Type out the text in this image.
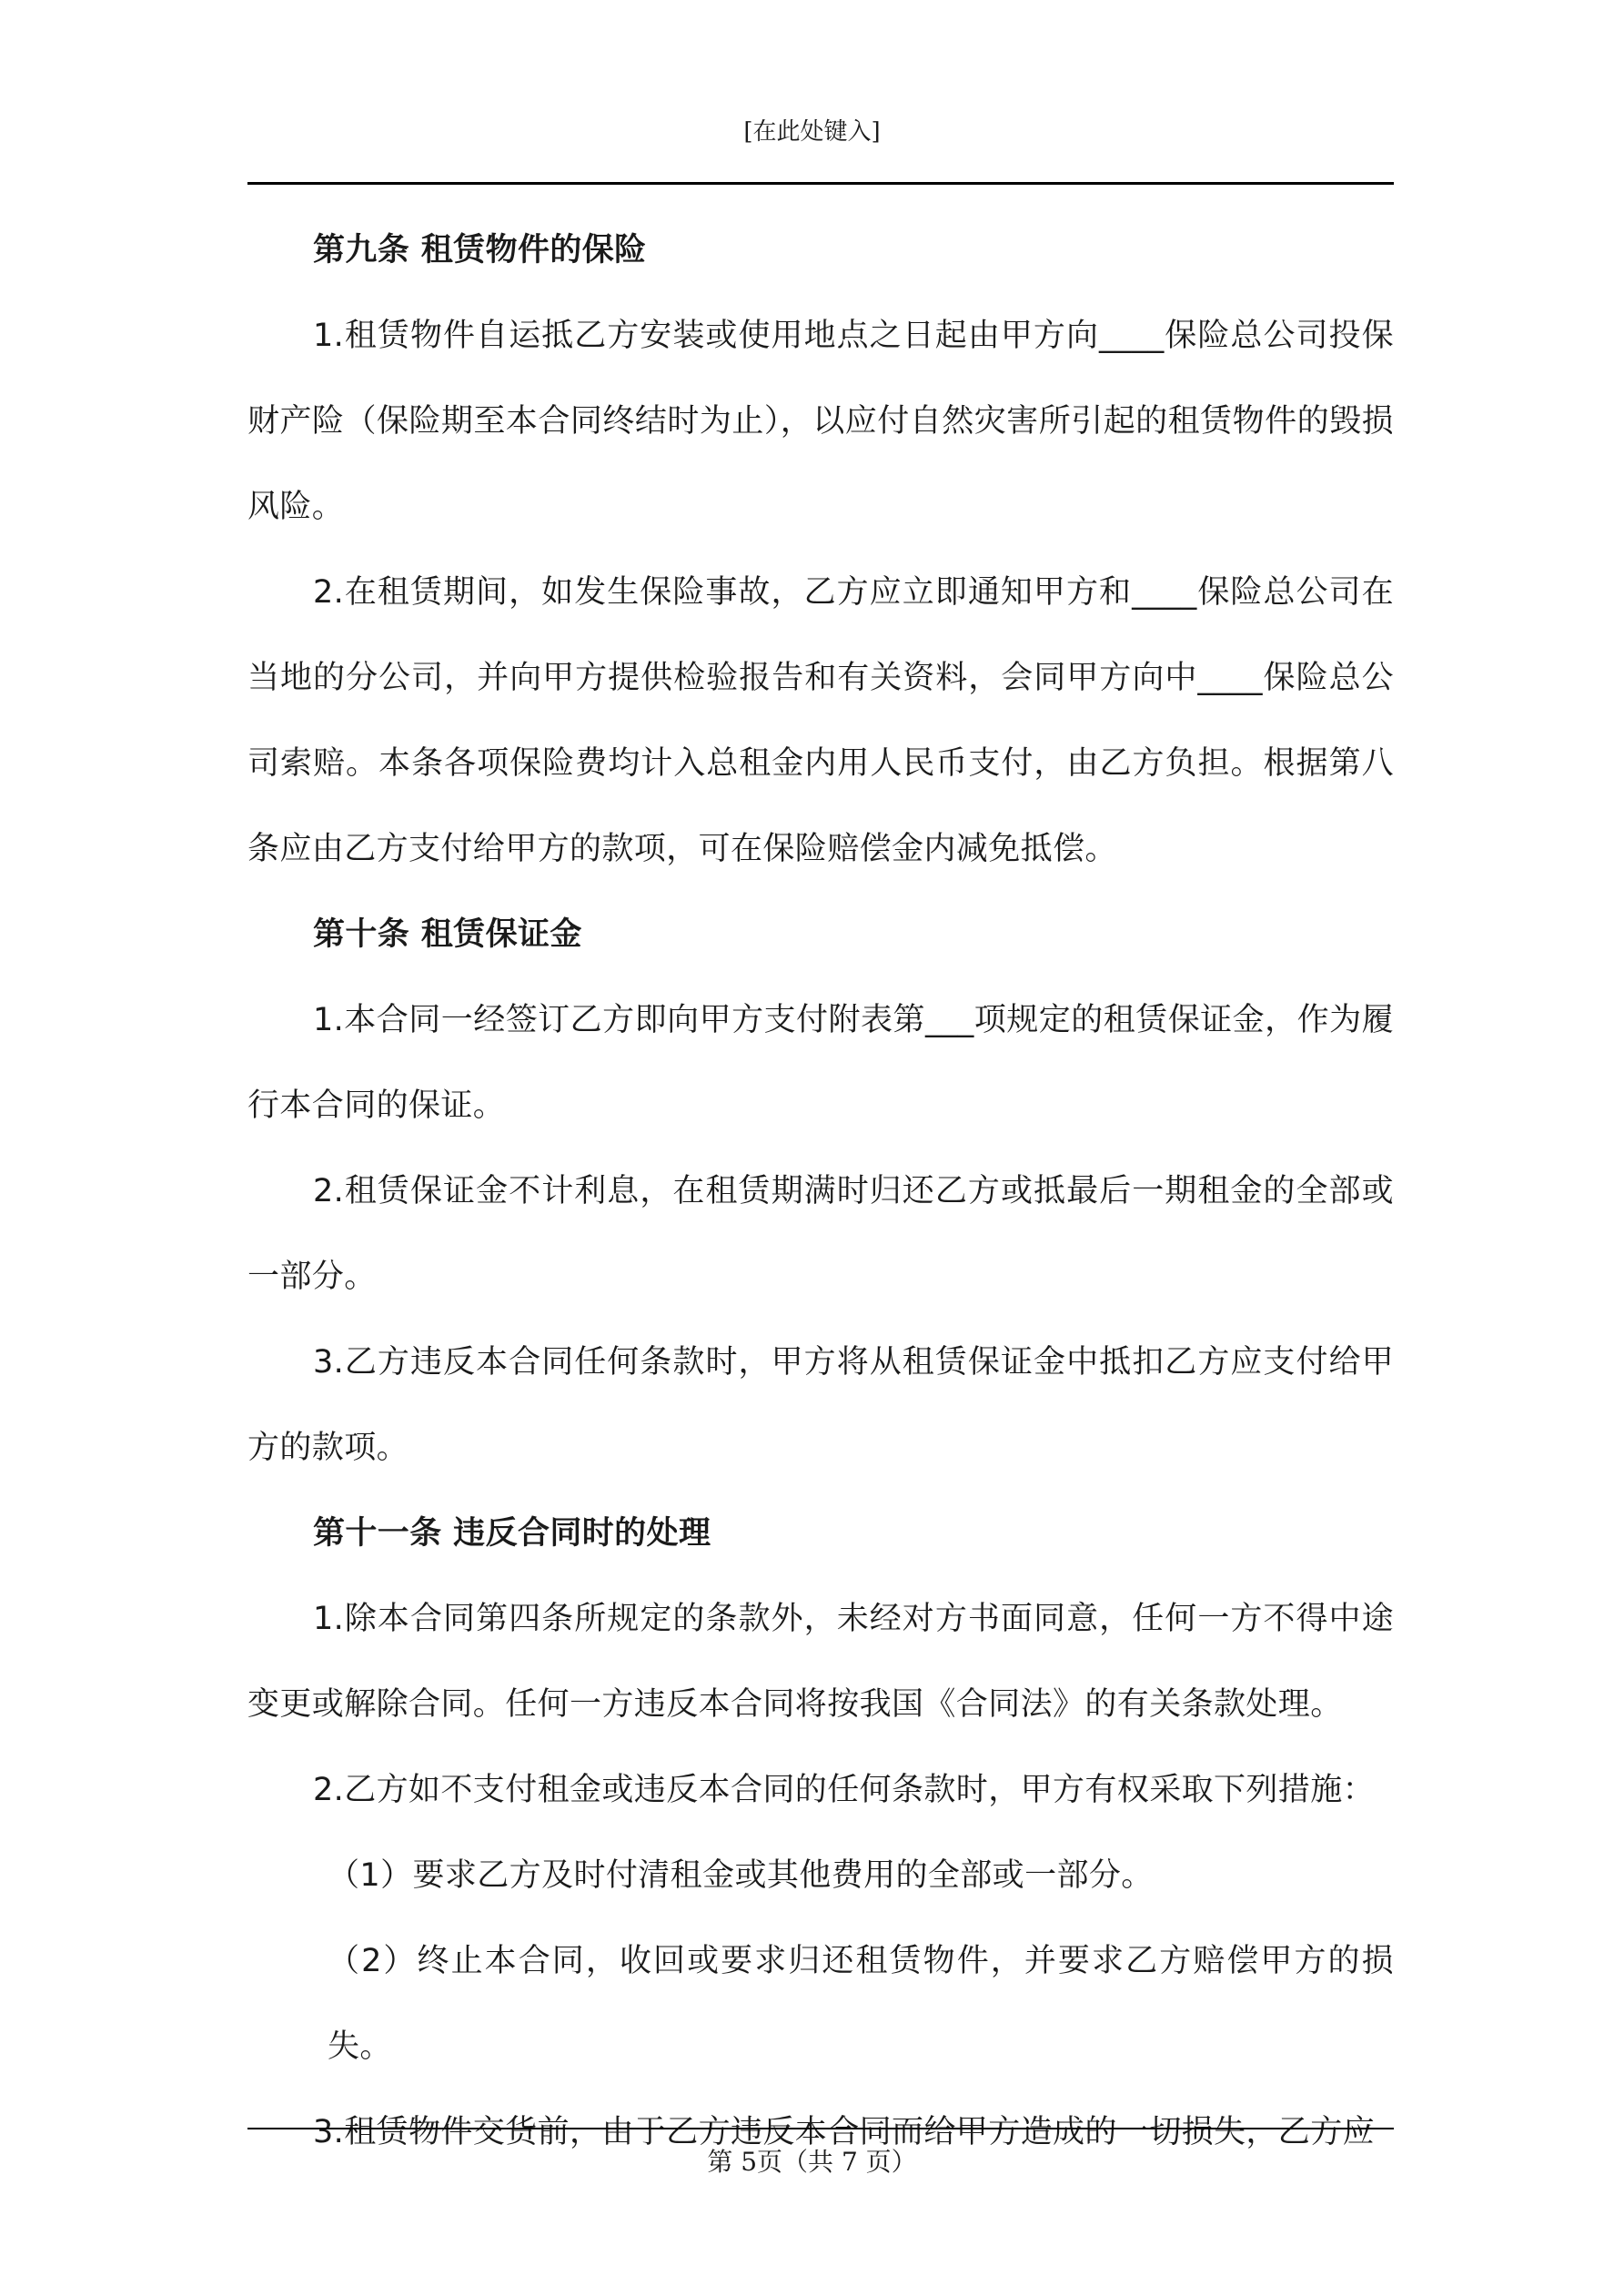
[在此处键入]

第九条 租赁物件的保险

1.租赁物件自运抵乙方安装或使用地点之日起由甲方向____保险总公司投保财产险（保险期至本合同终结时为止），以应付自然灾害所引起的租赁物件的毁损风险。

2.在租赁期间，如发生保险事故，乙方应立即通知甲方和____保险总公司在当地的分公司，并向甲方提供检验报告和有关资料，会同甲方向中____保险总公司索赔。本条各项保险费均计入总租金内用人民币支付，由乙方负担。根据第八条应由乙方支付给甲方的款项，可在保险赔偿金内减免抵偿。

第十条 租赁保证金

1.本合同一经签订乙方即向甲方支付附表第___项规定的租赁保证金，作为履行本合同的保证。

2.租赁保证金不计利息，在租赁期满时归还乙方或抵最后一期租金的全部或一部分。

3.乙方违反本合同任何条款时，甲方将从租赁保证金中抵扣乙方应支付给甲方的款项。

第十一条 违反合同时的处理

1.除本合同第四条所规定的条款外，未经对方书面同意，任何一方不得中途变更或解除合同。任何一方违反本合同将按我国《合同法》的有关条款处理。

2.乙方如不支付租金或违反本合同的任何条款时，甲方有权采取下列措施：

（1）要求乙方及时付清租金或其他费用的全部或一部分。

（2）终止本合同，收回或要求归还租赁物件，并要求乙方赔偿甲方的损失。

3.租赁物件交货前，由于乙方违反本合同而给甲方造成的一切损失，乙方应

第 5页（共 7 页）
